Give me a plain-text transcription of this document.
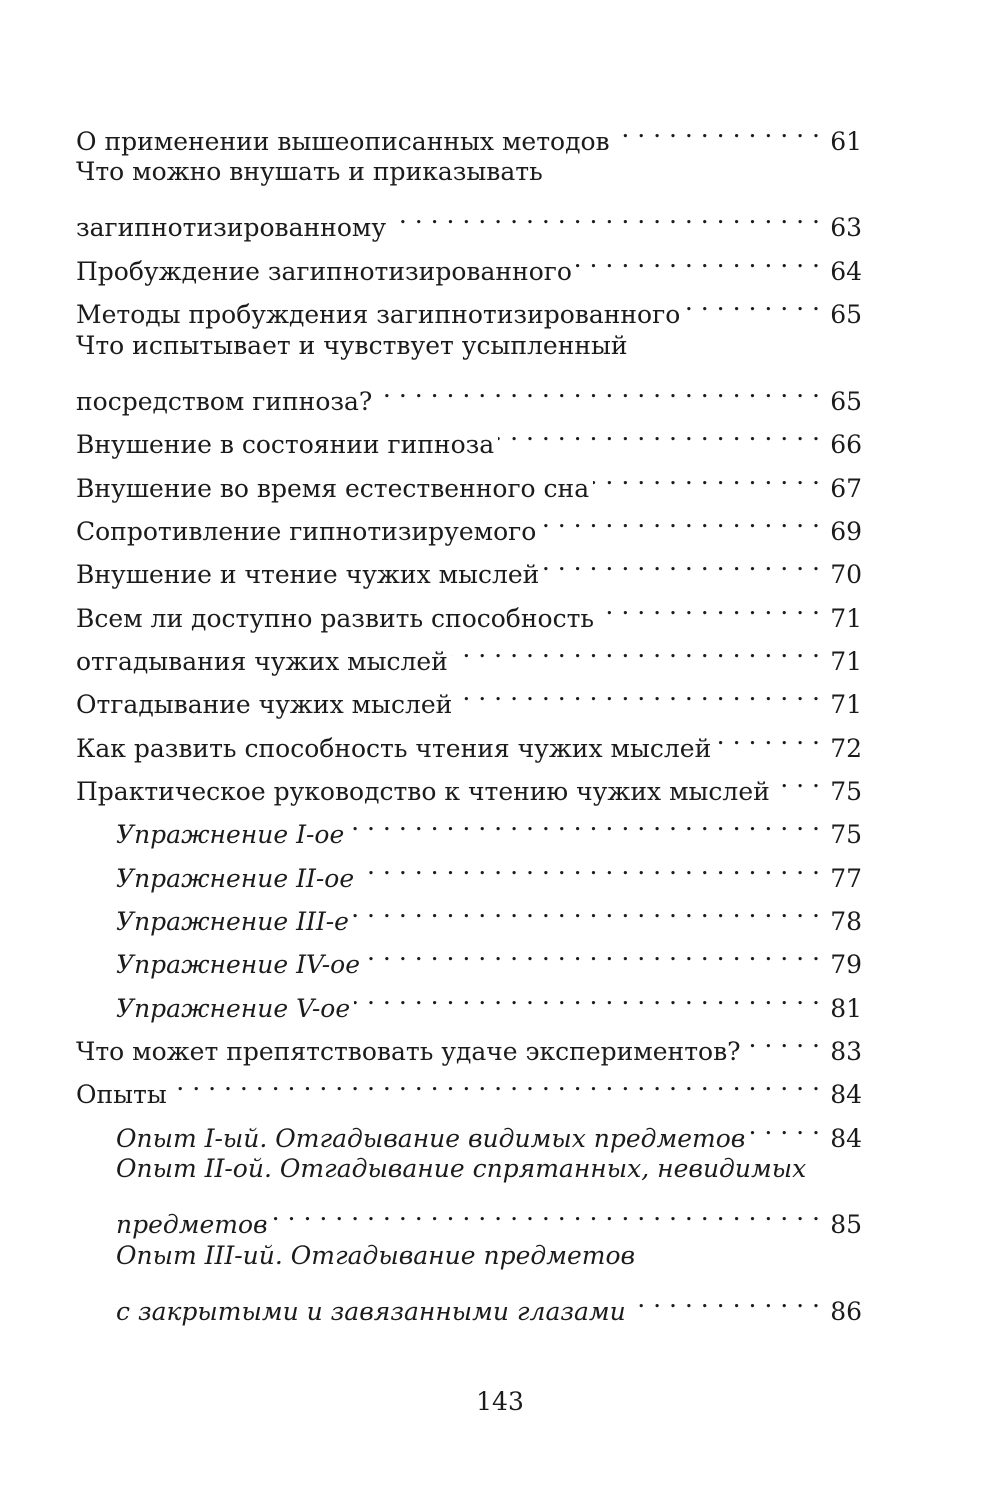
О применении вышеописанных методов . . .	61
Что можно внушать и приказывать
загипнотизированному . . .	63
Пробуждение загипнотизированного . . .	64
Методы пробуждения загипнотизированного . . .	65
Что испытывает и чувствует усыпленный
посредством гипноза? . . .	65
Внушение в состоянии гипноза . . .	66
Внушение во время естественного сна . . .	67
Сопротивление гипнотизируемого . . .	69
Внушение и чтение чужих мыслей . . .	70
Всем ли доступно развить способность . . .	71
отгадывания чужих мыслей . . .	71
Отгадывание чужих мыслей . . .	71
Как развить способность чтения чужих мыслей . . .	72
Практическое руководство к чтению чужих мыслей . . . 75
Упражнение I-ое . . .	75
Упражнение II-ое . . .	77
Упражнение III-е . . .	78
Упражнение IV-ое . . .	79
Упражнение V-ое . . .	81
Что может препятствовать удаче экспериментов? . . .	83
Опыты . . .	84
Опыт I-ый. Отгадывание видимых предметов . . .	84
Опыт II-ой. Отгадывание спрятанных, невидимых
предметов . . .	85
Опыт III-ий. Отгадывание предметов
с закрытыми и завязанными глазами . . .	86
143
